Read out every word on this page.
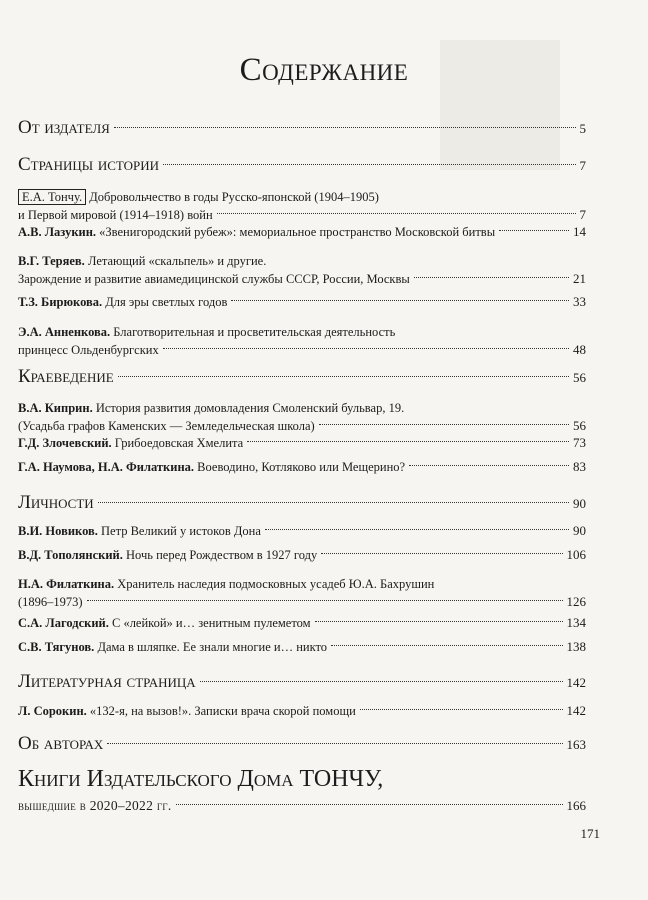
Содержание
От издателя	5
Страницы истории	7
Е.А. Тончу. Добровольчество в годы Русско-японской (1904–1905)
и Первой мировой (1914–1918) войн	7
А.В. Лазукин. «Звенигородский рубеж»: мемориальное пространство Московской битвы	14
В.Г. Теряев. Летающий «скальпель» и другие.
Зарождение и развитие авиамедицинской службы СССР, России, Москвы	21
Т.З. Бирюкова. Для эры светлых годов	33
Э.А. Анненкова. Благотворительная и просветительская деятельность
принцесс Ольденбургских	48
Краеведение	56
В.А. Киприн. История развития домовладения Смоленский бульвар, 19.
(Усадьба графов Каменских — Земледельческая школа)	56
Г.Д. Злочевский. Грибоедовская Хмелита	73
Г.А. Наумова, Н.А. Филаткина. Воеводино, Котляково или Мещерино?	83
Личности	90
В.И. Новиков. Петр Великий у истоков Дона	90
В.Д. Тополянский. Ночь перед Рождеством в 1927 году	106
Н.А. Филаткина. Хранитель наследия подмосковных усадеб Ю.А. Бахрушин
(1896–1973)	126
С.А. Лагодский. С «лейкой» и… зенитным пулеметом	134
С.В. Тягунов. Дама в шляпке. Ее знали многие и… никто	138
Литературная страница	142
Л. Сорокин. «132-я, на вызов!». Записки врача скорой помощи	142
Об авторах	163
Книги Издательского Дома ТОНЧУ,
вышедшие в 2020–2022 гг.	166
171
